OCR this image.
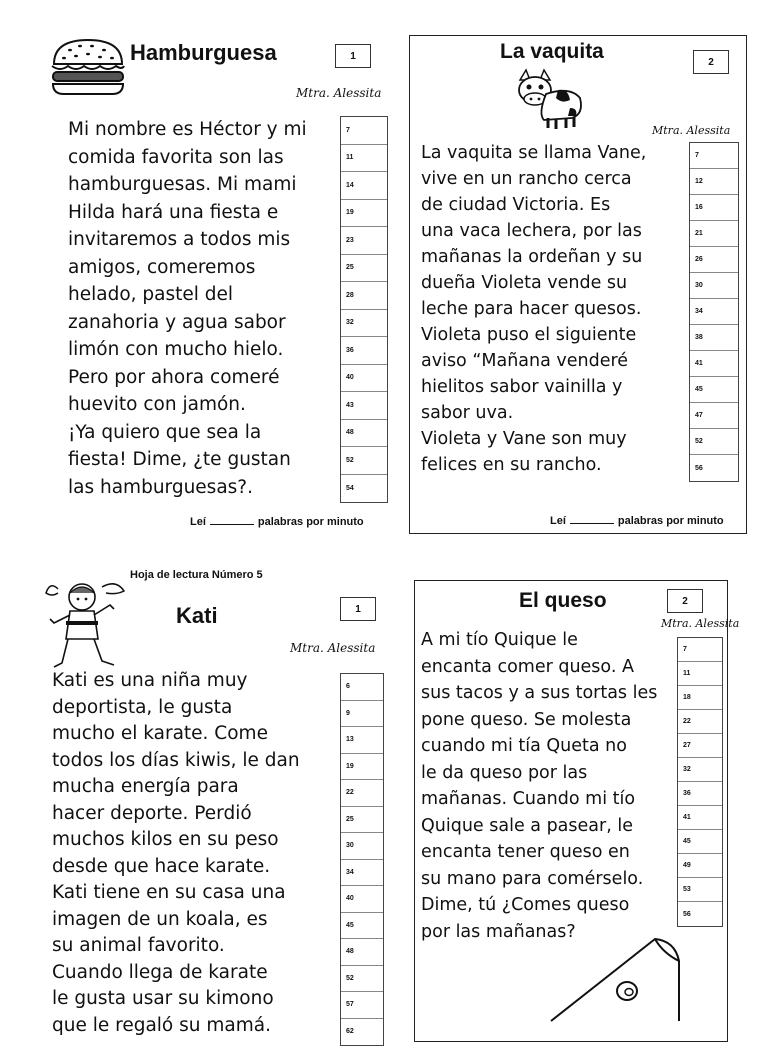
Hamburguesa	1
Mtra. Alessita
Mi nombre es Héctor y mi
comida favorita son las
hamburguesas. Mi mami
Hilda hará una fiesta e
invitaremos a todos mis
amigos, comeremos
helado, pastel del
zanahoria y agua sabor
limón con mucho hielo.
Pero por ahora comeré
huevito con jamón.
¡Ya quiero que sea la
fiesta! Dime, ¿te gustan
las hamburguesas?.
7
11
14
19
23
25
28
32
36
40
43
48
52
54
Leí	palabras por minuto
La vaquita	2
Mtra. Alessita
La vaquita se llama Vane,
vive en un rancho cerca
de ciudad Victoria. Es
una vaca lechera, por las
mañanas la ordeñan y su
dueña Violeta vende su
leche para hacer quesos.
Violeta puso el siguiente
aviso “Mañana venderé
hielitos sabor vainilla y
sabor uva.
Violeta y Vane son muy
felices en su rancho.
7
12
16
21
26
30
34
38
41
45
47
52
56
Leí	palabras por minuto
Hoja de lectura Número 5
Kati	1
Mtra. Alessita
Kati es una niña muy
deportista, le gusta
mucho el karate. Come
todos los días kiwis, le dan
mucha energía para
hacer deporte. Perdió
muchos kilos en su peso
desde que hace karate.
Kati tiene en su casa una
imagen de un koala, es
su animal favorito.
Cuando llega de karate
le gusta usar su kimono
que le regaló su mamá.
6
9
13
19
22
25
30
34
40
45
48
52
57
62
El queso	2
Mtra. Alessita
A mi tío Quique le
encanta comer queso. A
sus tacos y a sus tortas les
pone queso. Se molesta
cuando mi tía Queta no
le da queso por las
mañanas. Cuando mi tío
Quique sale a pasear, le
encanta tener queso en
su mano para comérselo.
Dime, tú ¿Comes queso
por las mañanas?
7
11
18
22
27
32
36
41
45
49
53
56
